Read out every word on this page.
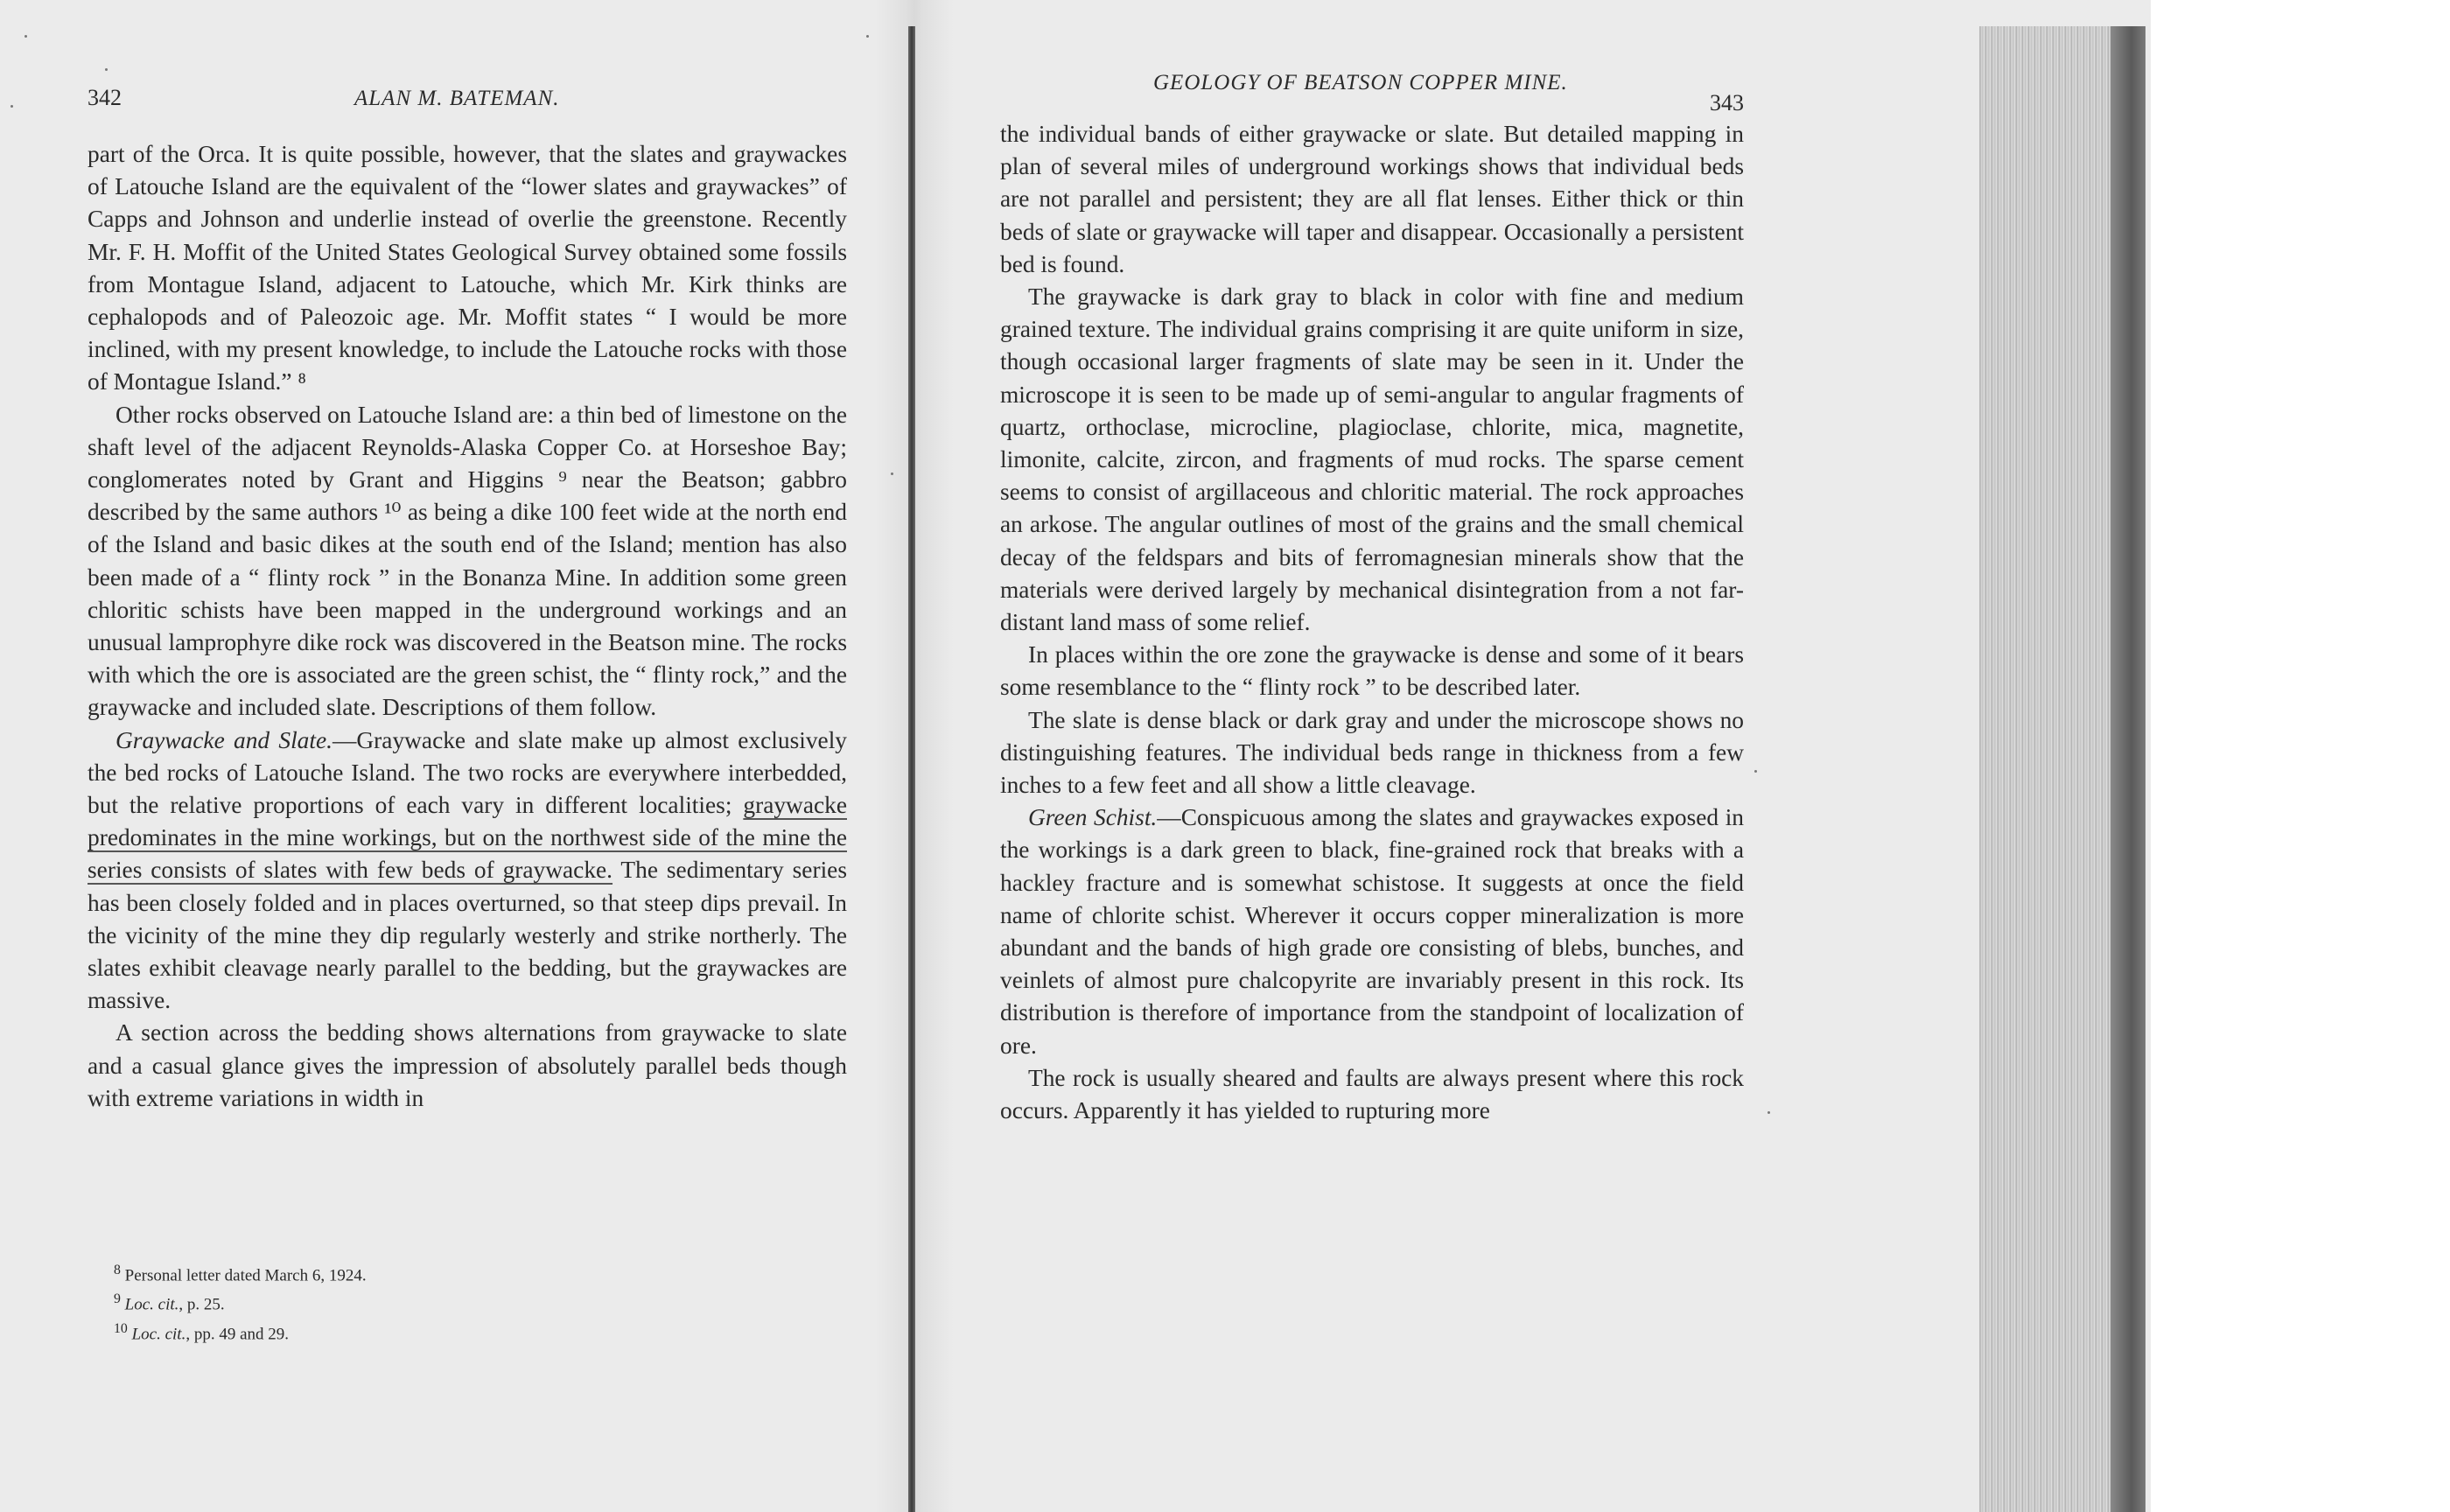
342	ALAN M. BATEMAN.

part of the Orca. It is quite possible, however, that the slates and graywackes of Latouche Island are the equivalent of the “lower slates and graywackes” of Capps and Johnson and underlie instead of overlie the greenstone. Recently Mr. F. H. Moffit of the United States Geological Survey obtained some fossils from Montague Island, adjacent to Latouche, which Mr. Kirk thinks are cephalopods and of Paleozoic age. Mr. Moffit states “ I would be more inclined, with my present knowledge, to include the Latouche rocks with those of Montague Island.” ⁸

Other rocks observed on Latouche Island are: a thin bed of limestone on the shaft level of the adjacent Reynolds-Alaska Copper Co. at Horseshoe Bay; conglomerates noted by Grant and Higgins ⁹ near the Beatson; gabbro described by the same authors ¹⁰ as being a dike 100 feet wide at the north end of the Island and basic dikes at the south end of the Island; mention has also been made of a “ flinty rock ” in the Bonanza Mine. In addition some green chloritic schists have been mapped in the underground workings and an unusual lamprophyre dike rock was discovered in the Beatson mine. The rocks with which the ore is associated are the green schist, the “ flinty rock,” and the graywacke and included slate. Descriptions of them follow.

Graywacke and Slate.—Graywacke and slate make up almost exclusively the bed rocks of Latouche Island. The two rocks are everywhere interbedded, but the relative proportions of each vary in different localities; graywacke predominates in the mine workings, but on the northwest side of the mine the series consists of slates with few beds of graywacke. The sedimentary series has been closely folded and in places overturned, so that steep dips prevail. In the vicinity of the mine they dip regularly westerly and strike northerly. The slates exhibit cleavage nearly parallel to the bedding, but the graywackes are massive.

A section across the bedding shows alternations from graywacke to slate and a casual glance gives the impression of absolutely parallel beds though with extreme variations in width in

$^8$ Personal letter dated March 6, 1924.
$^9$ Loc. cit., p. 25.
$^{10}$ Loc. cit., pp. 49 and 29.
GEOLOGY OF BEATSON COPPER MINE.
343

the individual bands of either graywacke or slate. But detailed mapping in plan of several miles of underground workings shows that individual beds are not parallel and persistent; they are all flat lenses. Either thick or thin beds of slate or graywacke will taper and disappear. Occasionally a persistent bed is found.

The graywacke is dark gray to black in color with fine and medium grained texture. The individual grains comprising it are quite uniform in size, though occasional larger fragments of slate may be seen in it. Under the microscope it is seen to be made up of semi-angular to angular fragments of quartz, orthoclase, microcline, plagioclase, chlorite, mica, magnetite, limonite, calcite, zircon, and fragments of mud rocks. The sparse cement seems to consist of argillaceous and chloritic material. The rock approaches an arkose. The angular outlines of most of the grains and the small chemical decay of the feldspars and bits of ferromagnesian minerals show that the materials were derived largely by mechanical disintegration from a not far-distant land mass of some relief.

In places within the ore zone the graywacke is dense and some of it bears some resemblance to the “ flinty rock ” to be described later.

The slate is dense black or dark gray and under the microscope shows no distinguishing features. The individual beds range in thickness from a few inches to a few feet and all show a little cleavage.

Green Schist.—Conspicuous among the slates and graywackes exposed in the workings is a dark green to black, fine-grained rock that breaks with a hackley fracture and is somewhat schistose. It suggests at once the field name of chlorite schist. Wherever it occurs copper mineralization is more abundant and the bands of high grade ore consisting of blebs, bunches, and veinlets of almost pure chalcopyrite are invariably present in this rock. Its distribution is therefore of importance from the standpoint of localization of ore.

The rock is usually sheared and faults are always present where this rock occurs. Apparently it has yielded to rupturing more
